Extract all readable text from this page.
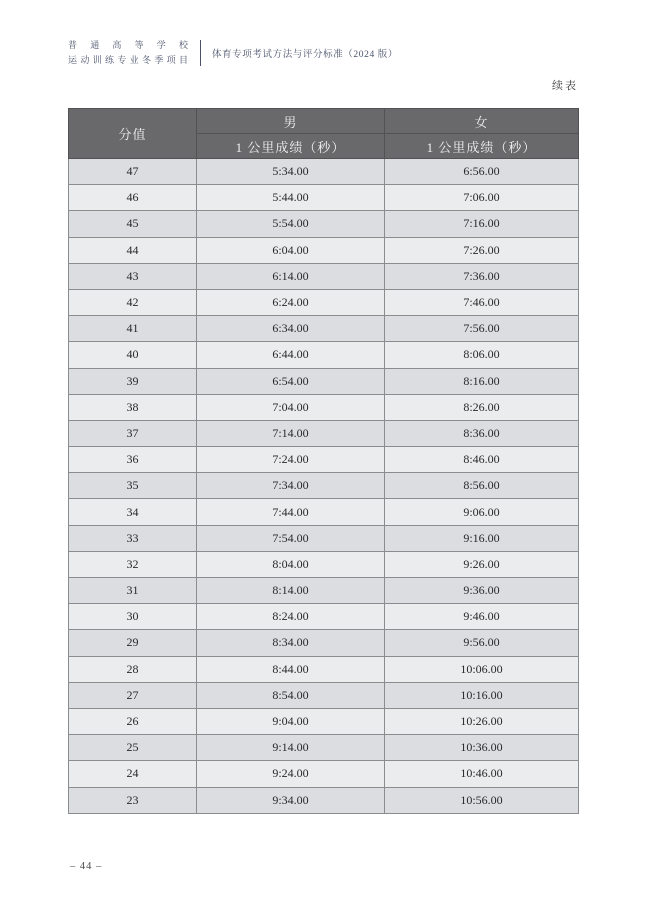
普通高等学校
运动训练专业冬季项目	体育专项考试方法与评分标准（2024 版）
续表
分值	男	女
	1 公里成绩（秒）	1 公里成绩（秒）
47	5:34.00	6:56.00
46	5:44.00	7:06.00
45	5:54.00	7:16.00
44	6:04.00	7:26.00
43	6:14.00	7:36.00
42	6:24.00	7:46.00
41	6:34.00	7:56.00
40	6:44.00	8:06.00
39	6:54.00	8:16.00
38	7:04.00	8:26.00
37	7:14.00	8:36.00
36	7:24.00	8:46.00
35	7:34.00	8:56.00
34	7:44.00	9:06.00
33	7:54.00	9:16.00
32	8:04.00	9:26.00
31	8:14.00	9:36.00
30	8:24.00	9:46.00
29	8:34.00	9:56.00
28	8:44.00	10:06.00
27	8:54.00	10:16.00
26	9:04.00	10:26.00
25	9:14.00	10:36.00
24	9:24.00	10:46.00
23	9:34.00	10:56.00
– 44 –
